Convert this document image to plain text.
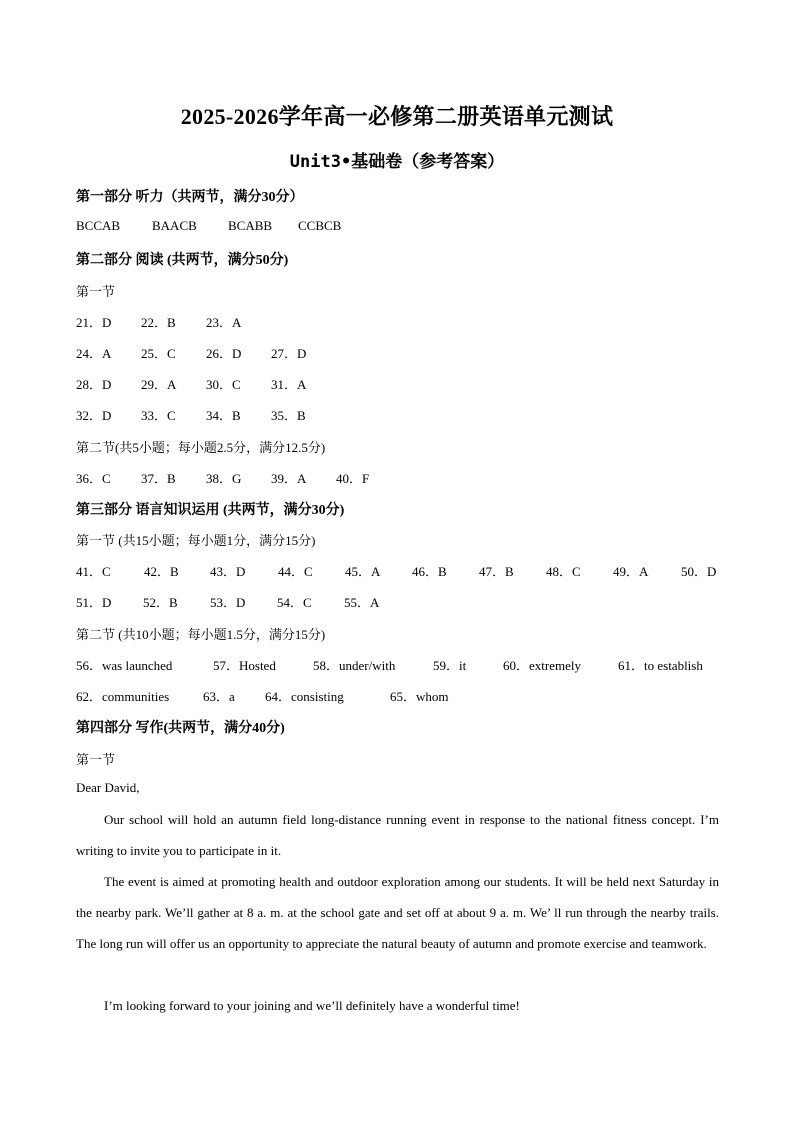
2025-2026学年高一必修第二册英语单元测试
Unit3•基础卷（参考答案）
第一部分 听力（共两节，满分30分）
BCCAB	BAACB	BCABB	CCBCB
第二部分 阅读 (共两节，满分50分)
第一节
21．D	22．B	23．A
24．A	25．C	26．D	27．D
28．D	29．A	30．C	31．A
32．D	33．C	34．B	35．B
第二节(共5小题；每小题2.5分，满分12.5分)
36．C	37．B	38．G	39．A	40．F
第三部分 语言知识运用 (共两节，满分30分)
第一节 (共15小题；每小题1分，满分15分)
41．C	42．B	43．D	44．C	45．A	46．B	47．B	48．C	49．A	50．D
51．D	52．B	53．D	54．C	55．A
第二节 (共10小题；每小题1.5分，满分15分)
56．was launched	57．Hosted	58．under/with	59．it	60．extremely	61．to establish
62．communities	63．a	64．consisting	65．whom
第四部分 写作(共两节，满分40分)
第一节
Dear David,
Our school will hold an autumn field long-distance running event in response to the national fitness concept. I’m writing to invite you to participate in it.
The event is aimed at promoting health and outdoor exploration among our students. It will be held next Saturday in the nearby park. We’ll gather at 8 a. m. at the school gate and set off at about 9 a. m. We’ ll run through the nearby trails. The long run will offer us an opportunity to appreciate the natural beauty of autumn and promote exercise and teamwork.
I’m looking forward to your joining and we’ll definitely have a wonderful time!
